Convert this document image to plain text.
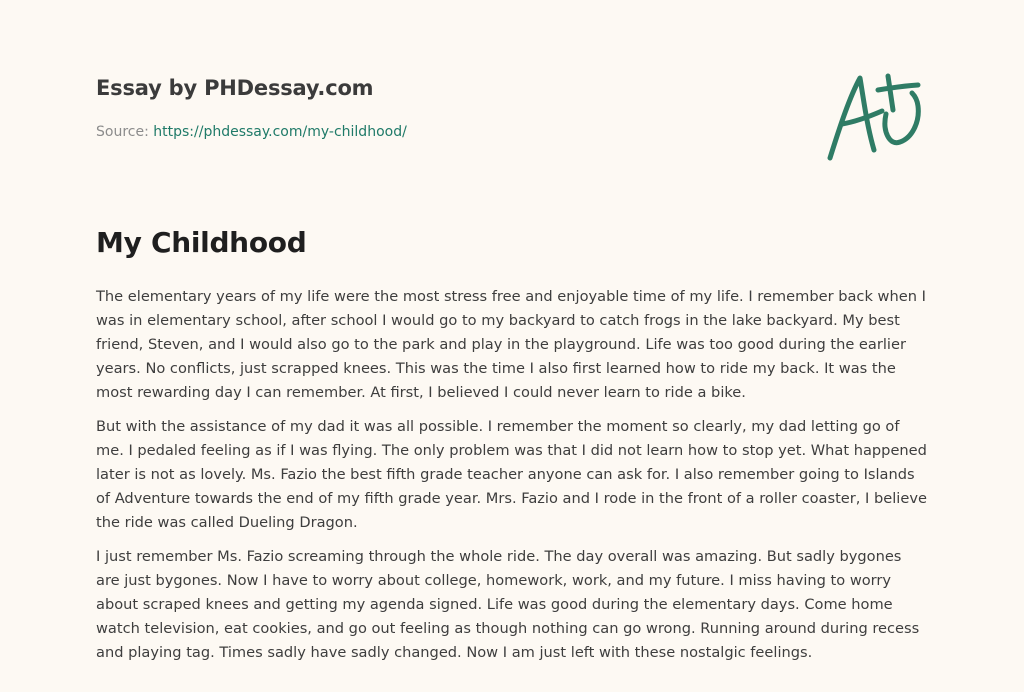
Essay by PHDessay.com
Source: https://phdessay.com/my-childhood/
My Childhood

The elementary years of my life were the most stress free and enjoyable time of my life. I remember back when I was in elementary school, after school I would go to my backyard to catch frogs in the lake backyard. My best friend, Steven, and I would also go to the park and play in the playground. Life was too good during the earlier years. No conflicts, just scrapped knees. This was the time I also first learned how to ride my back. It was the most rewarding day I can remember. At first, I believed I could never learn to ride a bike.

But with the assistance of my dad it was all possible. I remember the moment so clearly, my dad letting go of me. I pedaled feeling as if I was flying. The only problem was that I did not learn how to stop yet. What happened later is not as lovely. Ms. Fazio the best fifth grade teacher anyone can ask for. I also remember going to Islands of Adventure towards the end of my fifth grade year. Mrs. Fazio and I rode in the front of a roller coaster, I believe the ride was called Dueling Dragon.

I just remember Ms. Fazio screaming through the whole ride. The day overall was amazing. But sadly bygones are just bygones. Now I have to worry about college, homework, work, and my future. I miss having to worry about scraped knees and getting my agenda signed. Life was good during the elementary days. Come home watch television, eat cookies, and go out feeling as though nothing can go wrong. Running around during recess and playing tag. Times sadly have sadly changed. Now I am just left with these nostalgic feelings.
